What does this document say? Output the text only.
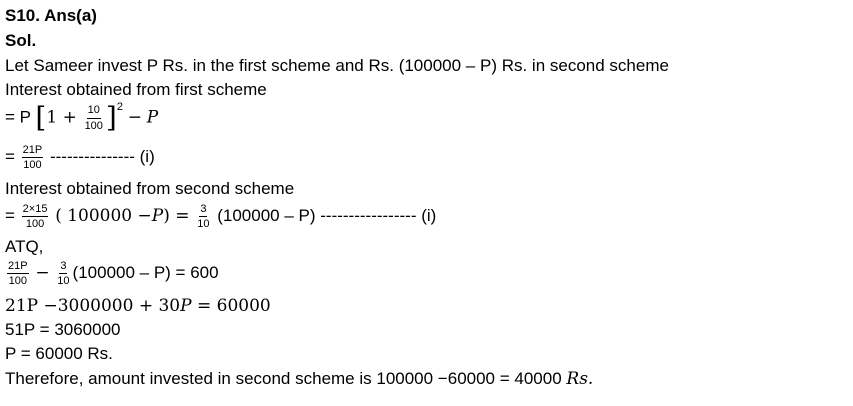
S10. Ans(a)
Sol.
Let Sameer invest P Rs. in the first scheme and Rs. (100000 – P) Rs. in second scheme
Interest obtained from first scheme
= P $[1 + \frac{10}{100} ]^2 - P$
= $\frac{21P}{100}$ --------------- (i)
Interest obtained from second scheme
= $\frac{2\times 15}{100}$ ( $100000 -P) = \frac{3}{10} (100000 - P)$ ----------------- (i)
ATQ,
$\frac{21P}{100} - \frac{3}{10} (100000 - P) = 600$
21P −3000000 + 30P = 60000
51P = 3060000
P = 60000 Rs.
Therefore, amount invested in second scheme is 100000 −60000 = 40000 Rs.
